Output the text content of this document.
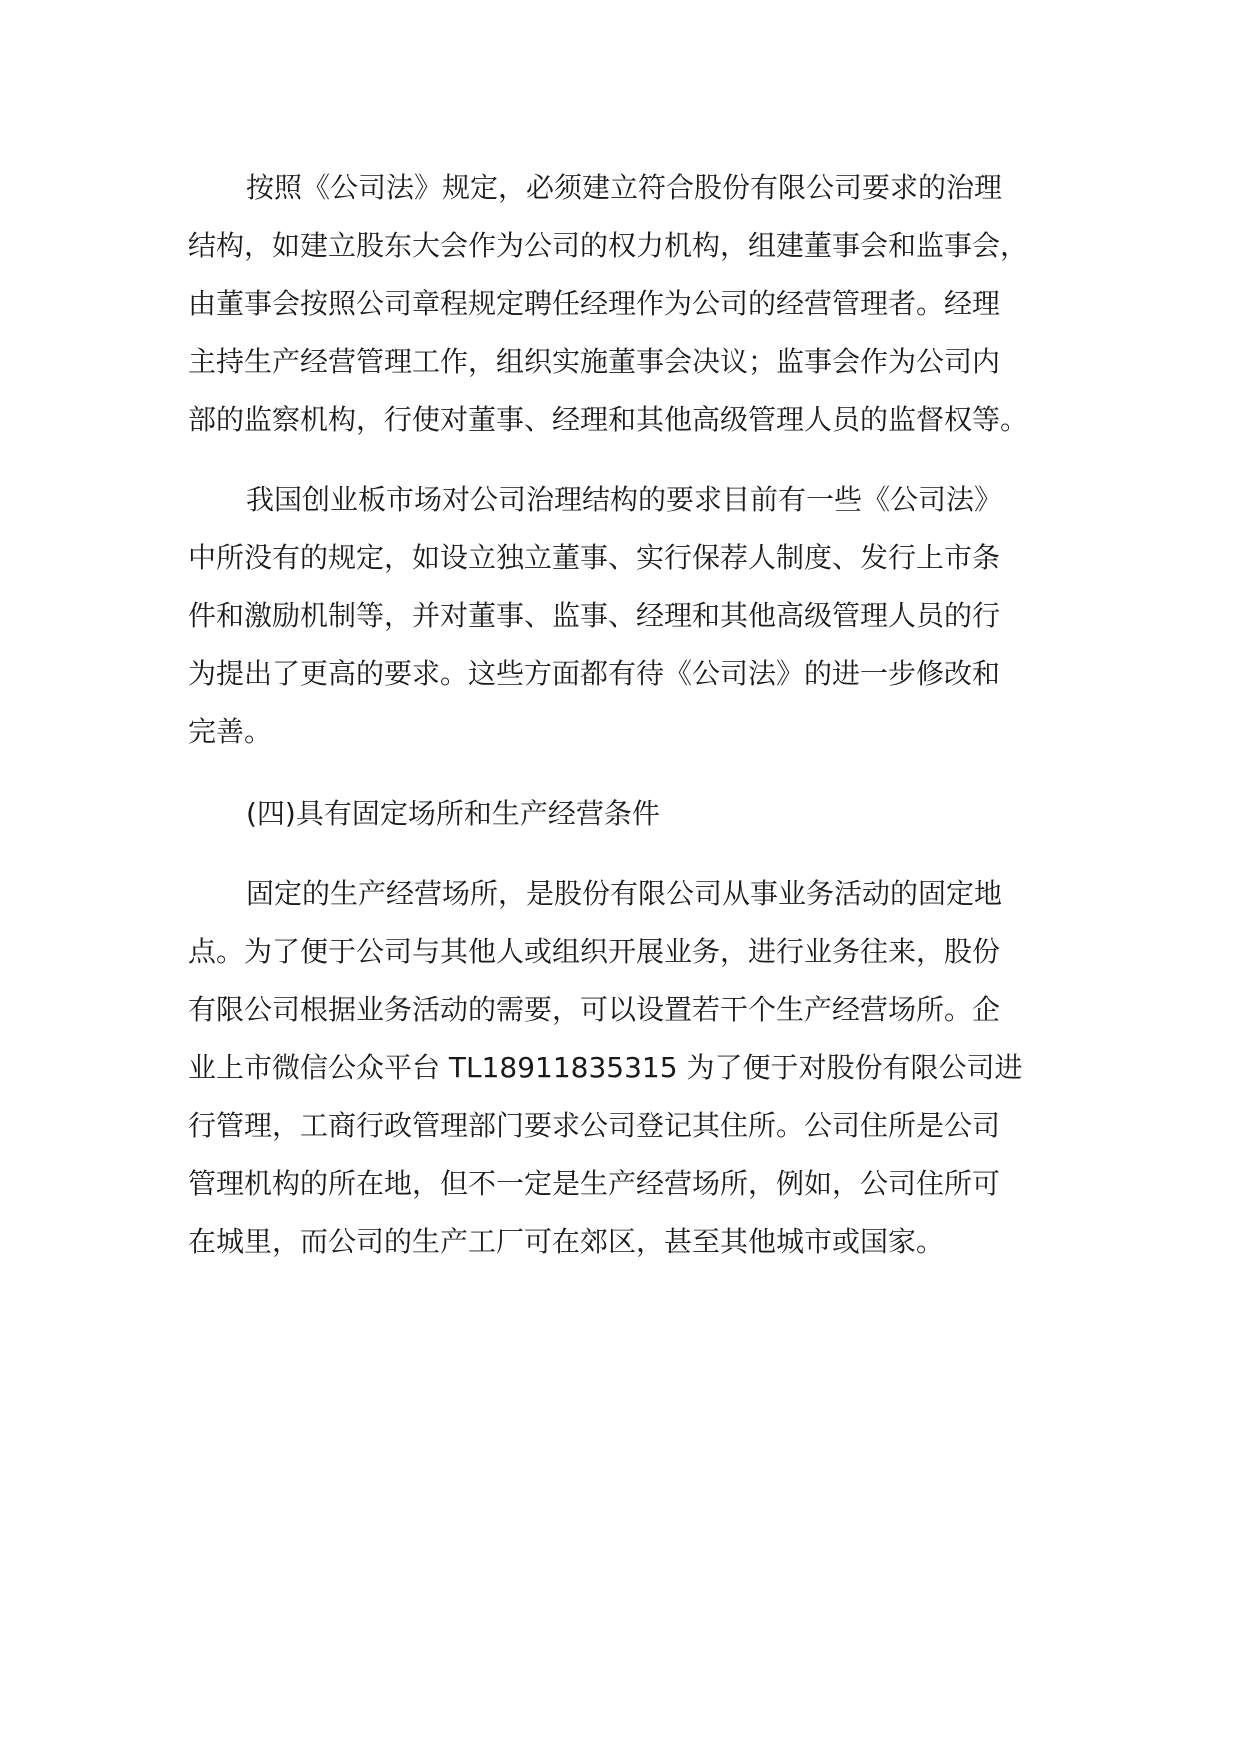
按照《公司法》规定，必须建立符合股份有限公司要求的治理
结构，如建立股东大会作为公司的权力机构，组建董事会和监事会，
由董事会按照公司章程规定聘任经理作为公司的经营管理者。经理
主持生产经营管理工作，组织实施董事会决议；监事会作为公司内
部的监察机构，行使对董事、经理和其他高级管理人员的监督权等。
我国创业板市场对公司治理结构的要求目前有一些《公司法》
中所没有的规定，如设立独立董事、实行保荐人制度、发行上市条
件和激励机制等，并对董事、监事、经理和其他高级管理人员的行
为提出了更高的要求。这些方面都有待《公司法》的进一步修改和
完善。
(四)具有固定场所和生产经营条件
固定的生产经营场所，是股份有限公司从事业务活动的固定地
点。为了便于公司与其他人或组织开展业务，进行业务往来，股份
有限公司根据业务活动的需要，可以设置若干个生产经营场所。企
业上市微信公众平台 TL18911835315 为了便于对股份有限公司进
行管理，工商行政管理部门要求公司登记其住所。公司住所是公司
管理机构的所在地，但不一定是生产经营场所，例如，公司住所可
在城里，而公司的生产工厂可在郊区，甚至其他城市或国家。
